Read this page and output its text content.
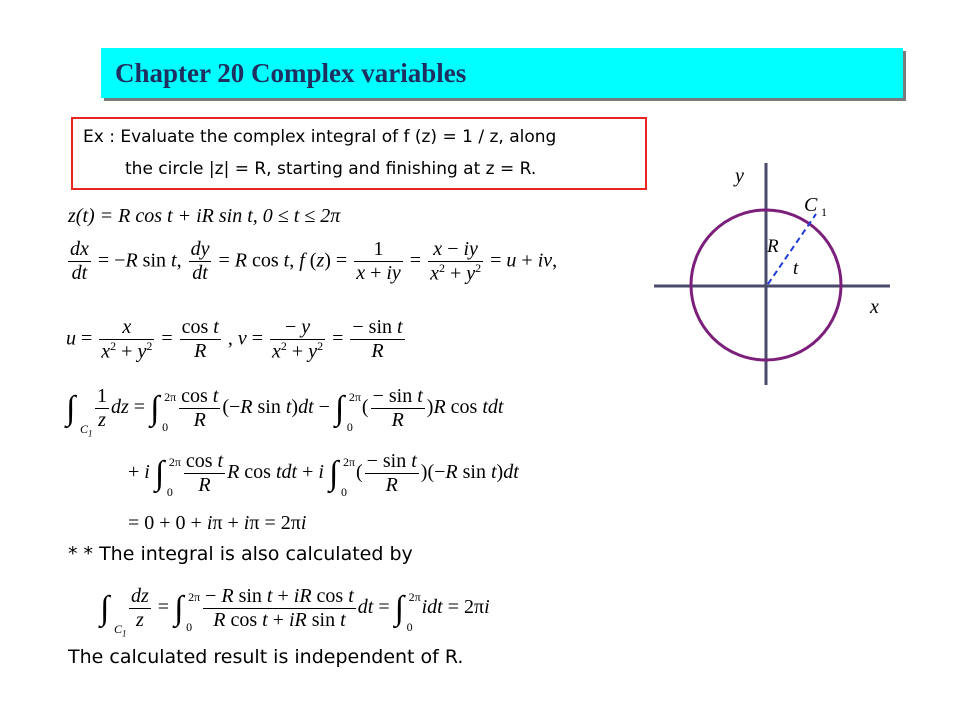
Chapter 20 Complex variables
Ex : Evaluate the complex integral of f (z) = 1 / z, along
the circle |z| = R, starting and finishing at z = R.
z(t) = R cos t + iR sin t, 0 ≤ t ≤ 2π
$\frac{dx}{dt} = -R$ sin t, $\frac{dy}{dt} = R$ cos t, f $(z) = \frac{1}{x + iy} = \frac{x - iy}{x^2 + y^2} = u$ + iv,
$u = \frac{x}{x^2 + y^2} = \frac{\text{cos t}}{R}$ , $v = \frac{- y}{x^2 + y^2} = \frac{\text{− sin t}}{R}$
∫
$C_1$

$\frac{1}{z}$ dz = ∫ 2π
0
$\frac{\text{cos t}}{R} (-R$ sin t)dt − ∫ 2π
0
( $\frac{\text{− sin t}}{R} )R$ cos tdt
+ i ∫ 2π
0
$\frac{\text{cos t}}{R}$ R cos tdt + i ∫ 2π
0
( $\frac{\text{− sin t}}{R} )(-R$ sin t)dt
= 0 + 0 + iπ + iπ = 2πi
* * The integral is also calculated by
∫
$C_1$

$\frac{dz}{z}$ = ∫ 2π
0
$\frac{\text{− R sin t + iR cos t}}{\text{R cos t + iR sin t}}$ dt = ∫ 2π
0
idt = 2πi
The calculated result is independent of R.
y
x
C 1
R
t
